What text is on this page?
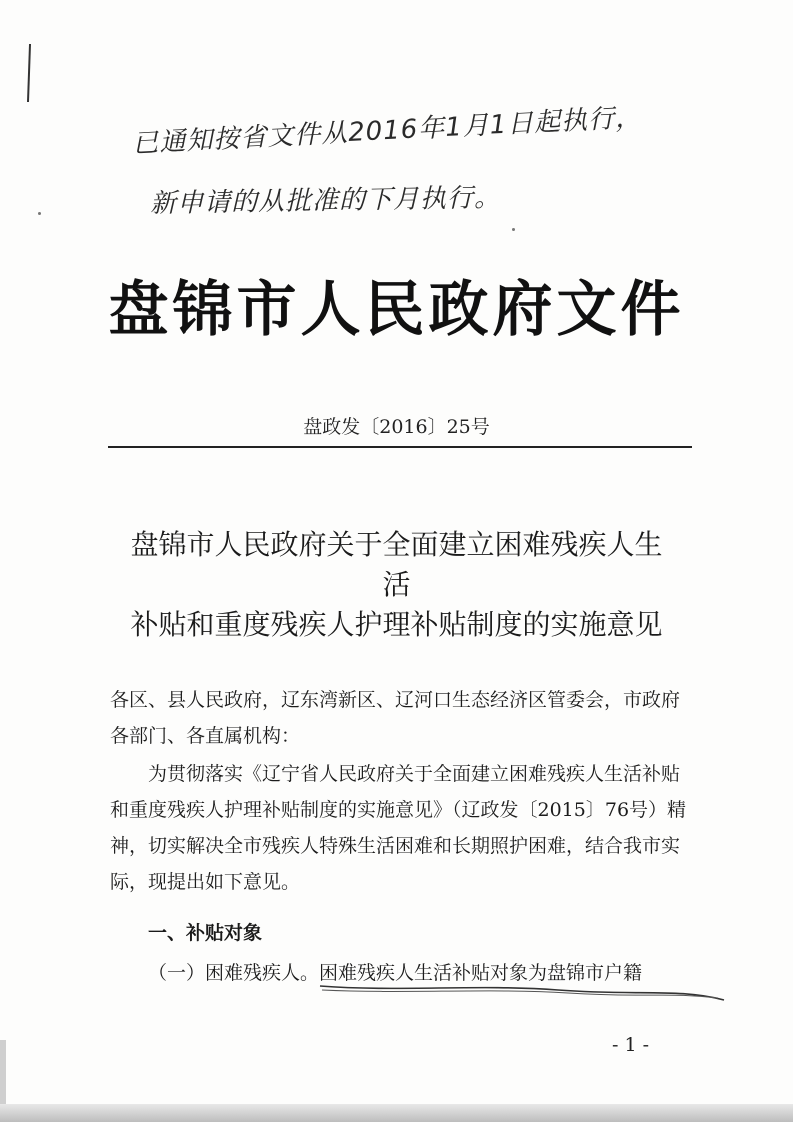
已通知按省文件从2016年1月1日起执行，
新申请的从批准的下月执行。
盘锦市人民政府文件
盘政发〔2016〕25号
盘锦市人民政府关于全面建立困难残疾人生
活
补贴和重度残疾人护理补贴制度的实施意见
各区、县人民政府，辽东湾新区、辽河口生态经济区管委会，市政府各部门、各直属机构：
为贯彻落实《辽宁省人民政府关于全面建立困难残疾人生活补贴和重度残疾人护理补贴制度的实施意见》（辽政发〔2015〕76号）精神，切实解决全市残疾人特殊生活困难和长期照护困难，结合我市实际，现提出如下意见。
一、补贴对象
（一）困难残疾人。困难残疾人生活补贴对象为盘锦市户籍
- 1 -
